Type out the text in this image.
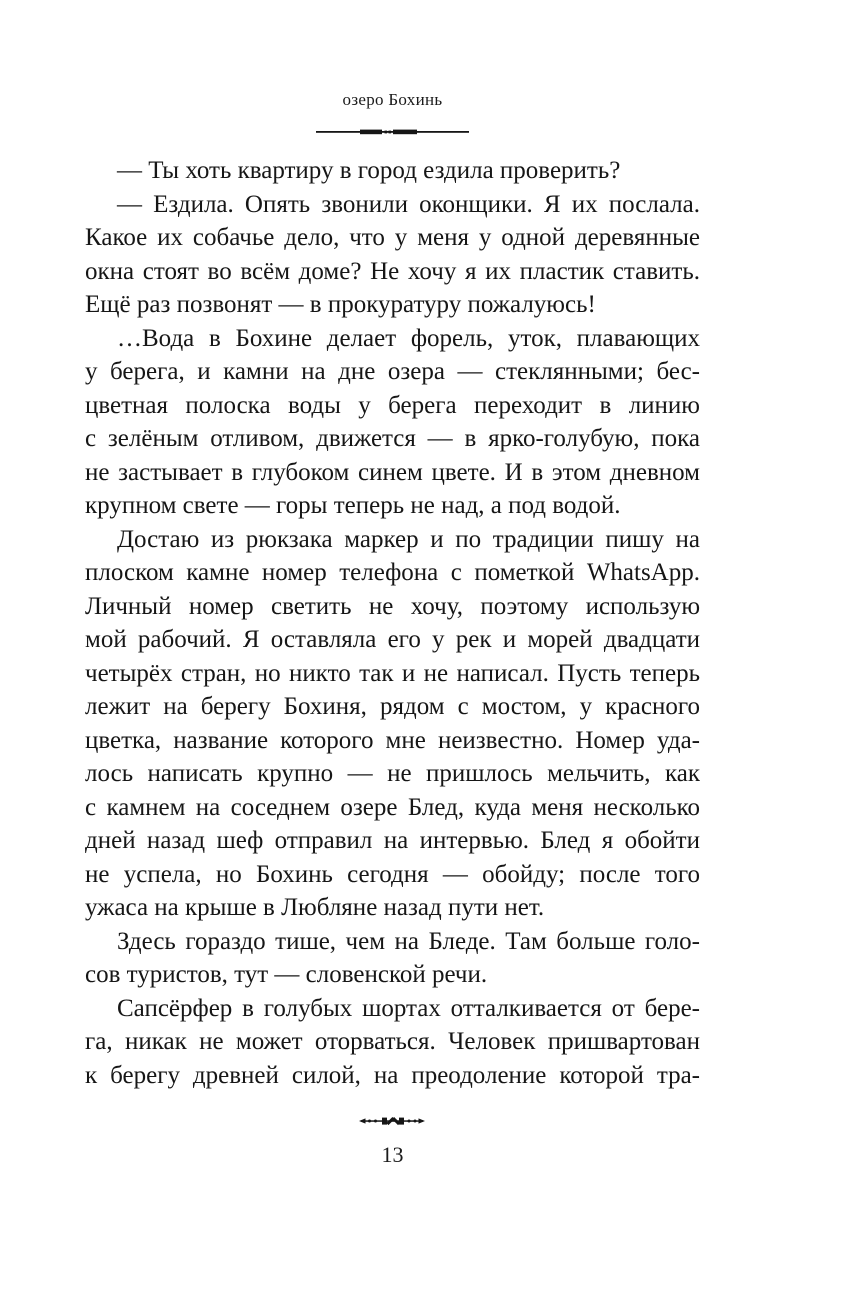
озеро Бохинь
— Ты хоть квартиру в город ездила проверить?
— Ездила. Опять звонили оконщики. Я их послала.
Какое их собачье дело, что у меня у одной деревянные
окна стоят во всём доме? Не хочу я их пластик ставить.
Ещё раз позвонят — в прокуратуру пожалуюсь!
…Вода в Бохине делает форель, уток, плавающих
у берега, и камни на дне озера — стеклянными; бес-
цветная полоска воды у берега переходит в линию
с зелёным отливом, движется — в ярко-голубую, пока
не застывает в глубоком синем цвете. И в этом дневном
крупном свете — горы теперь не над, а под водой.
Достаю из рюкзака маркер и по традиции пишу на
плоском камне номер телефона с пометкой WhatsApp.
Личный номер светить не хочу, поэтому использую
мой рабочий. Я оставляла его у рек и морей двадцати
четырёх стран, но никто так и не написал. Пусть теперь
лежит на берегу Бохиня, рядом с мостом, у красного
цветка, название которого мне неизвестно. Номер уда-
лось написать крупно — не пришлось мельчить, как
с камнем на соседнем озере Блед, куда меня несколько
дней назад шеф отправил на интервью. Блед я обойти
не успела, но Бохинь сегодня — обойду; после того
ужаса на крыше в Любляне назад пути нет.
Здесь гораздо тише, чем на Бледе. Там больше голо-
сов туристов, тут — словенской речи.
Сапсёрфер в голубых шортах отталкивается от бере-
га, никак не может оторваться. Человек пришвартован
к берегу древней силой, на преодоление которой тра-
13
